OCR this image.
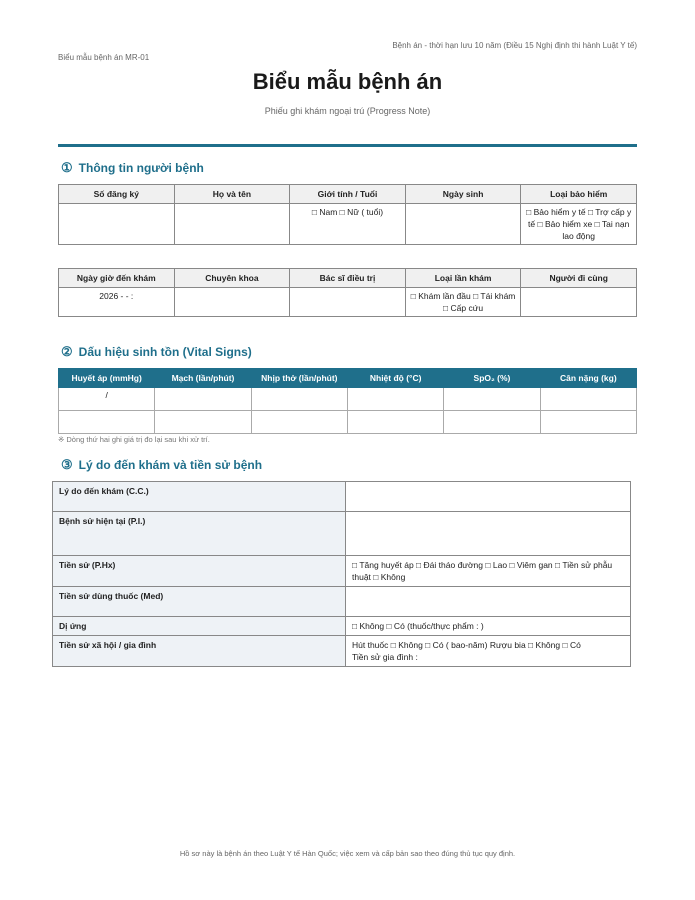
Bệnh án - thời hạn lưu 10 năm (Điều 15 Nghị định thi hành Luật Y tế)
Biểu mẫu bệnh án MR-01
Biểu mẫu bệnh án
Phiếu ghi khám ngoại trú (Progress Note)
① Thông tin người bệnh
Số đăng ký	Họ và tên	Giới tính / Tuổi	Ngày sinh	Loại bảo hiểm
		□ Nam □ Nữ ( tuổi)		□ Bảo hiểm y tế □ Trợ cấp y tế □ Bảo hiểm xe □ Tai nạn lao động
Ngày giờ đến khám	Chuyên khoa	Bác sĩ điều trị	Loại lần khám	Người đi cùng
2026 - - :			□ Khám lần đầu □ Tái khám □ Cấp cứu	
② Dấu hiệu sinh tồn (Vital Signs)
Huyết áp (mmHg)	Mạch (lần/phút)	Nhịp thở (lần/phút)	Nhiệt độ (°C)	SpO₂ (%)	Cân nặng (kg)
/					

※ Dòng thứ hai ghi giá trị đo lại sau khi xử trí.
③ Lý do đến khám và tiền sử bệnh
Lý do đến khám (C.C.)	
Bệnh sử hiện tại (P.I.)	
Tiền sử (P.Hx)	□ Tăng huyết áp □ Đái tháo đường □ Lao □ Viêm gan □ Tiền sử phẫu thuật □ Không
Tiền sử dùng thuốc (Med)	
Dị ứng	□ Không □ Có (thuốc/thực phẩm : )
Tiền sử xã hội / gia đình	Hút thuốc □ Không □ Có ( bao-năm) Rượu bia □ Không □ Có
Tiền sử gia đình :
Hồ sơ này là bệnh án theo Luật Y tế Hàn Quốc; việc xem và cấp bản sao theo đúng thủ tục quy định.
